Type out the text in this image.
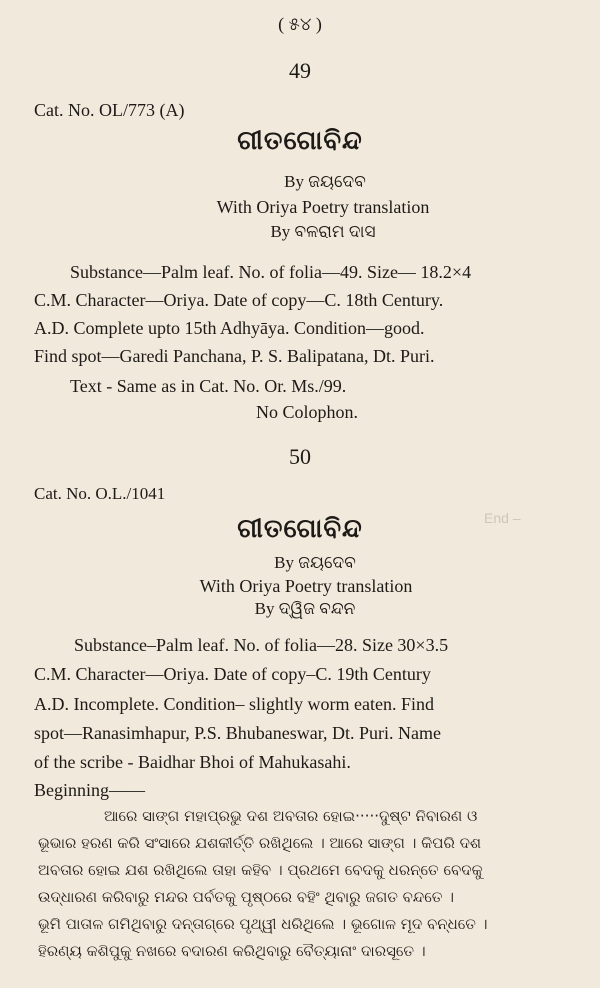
( ୫୪ )
49
Cat. No. OL/773 (A)
ଗୀତଗୋବିନ୍ଦ
By ଜୟଦେବ
With Oriya Poetry translation
By ବଳରାମ ଦାସ
Substance—Palm leaf. No. of folia—49. Size— 18.2×4
C.M. Character—Oriya. Date of copy—C. 18th Century.
A.D. Complete upto 15th Adhyāya. Condition—good.
Find spot—Garedi Panchana, P. S. Balipatana, Dt. Puri.
Text - Same as in Cat. No. Or. Ms./99.
No Colophon.
50
Cat. No. O.L./1041
End –
ଗୀତଗୋବିନ୍ଦ
By ଜୟଦେବ
With Oriya Poetry translation
By ଦ୍ୱିଜ ବନ୍ଦନ
Substance–Palm leaf. No. of folia—28. Size 30×3.5
C.M. Character—Oriya. Date of copy–C. 19th Century
A.D. Incomplete. Condition– slightly worm eaten. Find
spot—Ranasimhapur, P.S. Bhubaneswar, Dt. Puri. Name
of the scribe - Baidhar Bhoi of Mahukasahi.
Beginning——
ଆରେ ସାଙ୍ଗ ମହାପ୍ରଭୁ ଦଶ ଅବତାର ହୋଇ·····ଦୁଷ୍ଟ ନିବାରଣ ଓ
ଭୂଭାର ହରଣ କରି ସଂସାରେ ଯଶକୀର୍ତ୍ତି ରଖିଥିଲେ । ଆରେ ସାଙ୍ଗ । କିପରି ଦଶ
ଅବତାର ହୋଇ ଯଶ ରଖିଥିଲେ ତାହା କହିବ । ପ୍ରଥମେ ବେଦକୁ ଧରନ୍ତେ ବେଦକୁ
ଉଦ୍ଧାରଣ କରିବାରୁ ମନ୍ଦର ପର୍ବତକୁ ପୃଷ୍ଠରେ ବହିଂ ଥିବାରୁ ଜଗତ ବନ୍ଦତେ ।
ଭୂମି ପାତାଳ ଗମିଥିବାରୁ ଦନ୍ତାଗ୍ରେ ପୃଥ୍ୱୀ ଧରିଥିଲେ । ଭୂଗୋଳ ମୂଦ ବନ୍ଧତେ ।
ହିରଣ୍ୟ କଶିପୁକୁ ନଖରେ ବଦାରଣ କରିଥିବାରୁ ବୈତ୍ୟାନାଂ ଦାରସୂତେ ।
